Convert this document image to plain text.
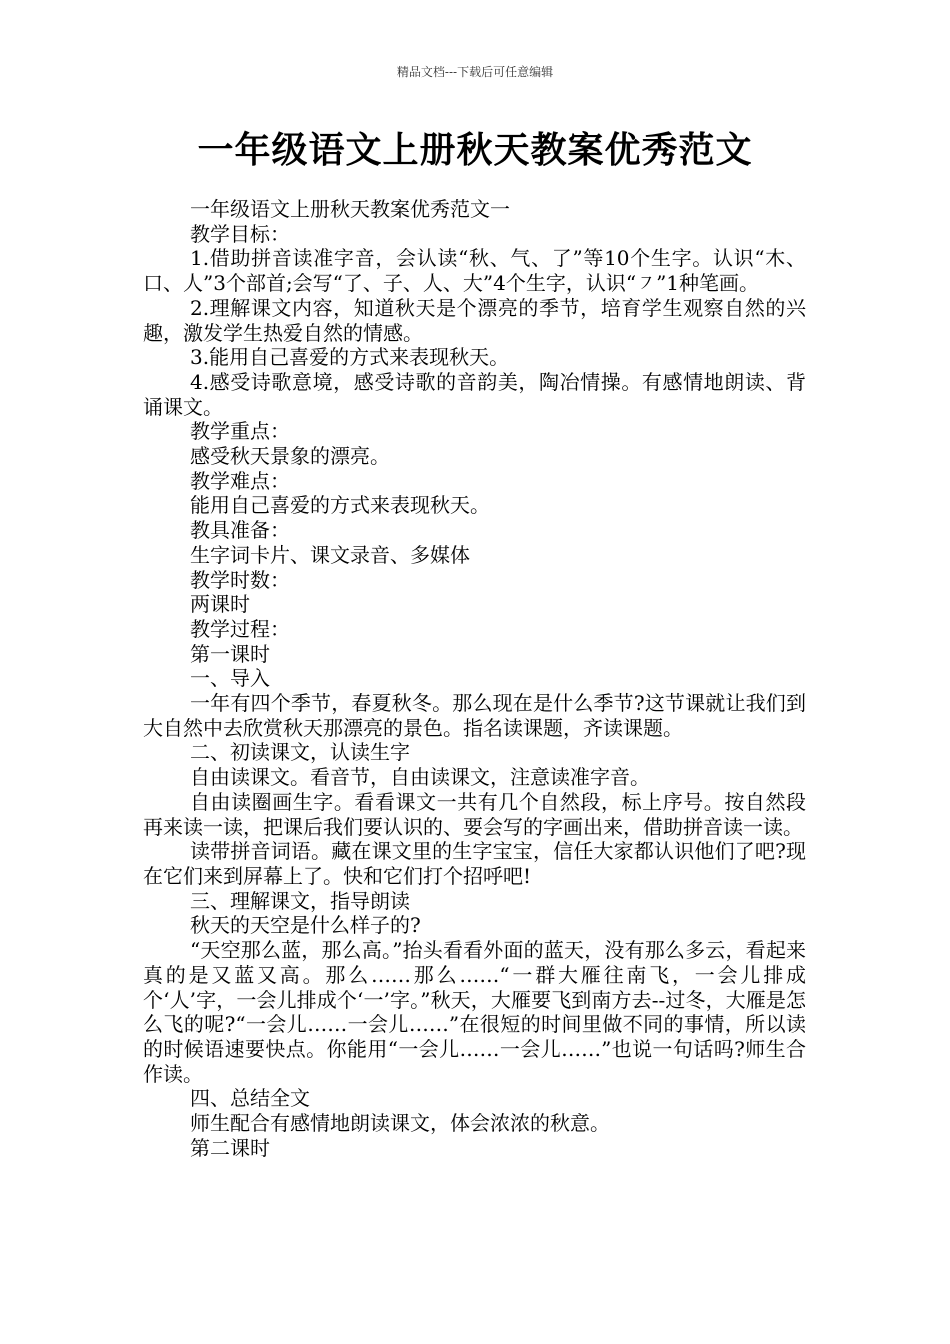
精品文档---下载后可任意编辑
一年级语文上册秋天教案优秀范文

一年级语文上册秋天教案优秀范文一

教学目标：

1.借助拼音读准字音，会认读“秋、气、了”等10个生字。认识“木、口、人”3个部首;会写“了、子、人、大”4个生字，认识“㇇”1种笔画。

2.理解课文内容，知道秋天是个漂亮的季节，培育学生观察自然的兴趣，激发学生热爱自然的情感。

3.能用自己喜爱的方式来表现秋天。

4.感受诗歌意境，感受诗歌的音韵美，陶冶情操。有感情地朗读、背诵课文。

教学重点：

感受秋天景象的漂亮。

教学难点：

能用自己喜爱的方式来表现秋天。

教具准备：

生字词卡片、课文录音、多媒体

教学时数：

两课时

教学过程：

第一课时

一、导入

一年有四个季节，春夏秋冬。那么现在是什么季节?这节课就让我们到大自然中去欣赏秋天那漂亮的景色。指名读课题，齐读课题。

二、初读课文，认读生字

自由读课文。看音节，自由读课文，注意读准字音。

自由读圈画生字。看看课文一共有几个自然段，标上序号。按自然段再来读一读，把课后我们要认识的、要会写的字画出来，借助拼音读一读。

读带拼音词语。藏在课文里的生字宝宝，信任大家都认识他们了吧?现在它们来到屏幕上了。快和它们打个招呼吧!

三、理解课文，指导朗读

秋天的天空是什么样子的?

“天空那么蓝，那么高。”抬头看看外面的蓝天，没有那么多云，看起来真的是又蓝又高。那么……那么……“一群大雁往南飞，一会儿排成个‘人’字，一会儿排成个‘一’字。”秋天，大雁要飞到南方去--过冬，大雁是怎么飞的呢?“一会儿……一会儿……”在很短的时间里做不同的事情，所以读的时候语速要快点。你能用“一会儿……一会儿……”也说一句话吗?师生合作读。

四、总结全文

师生配合有感情地朗读课文，体会浓浓的秋意。

第二课时
